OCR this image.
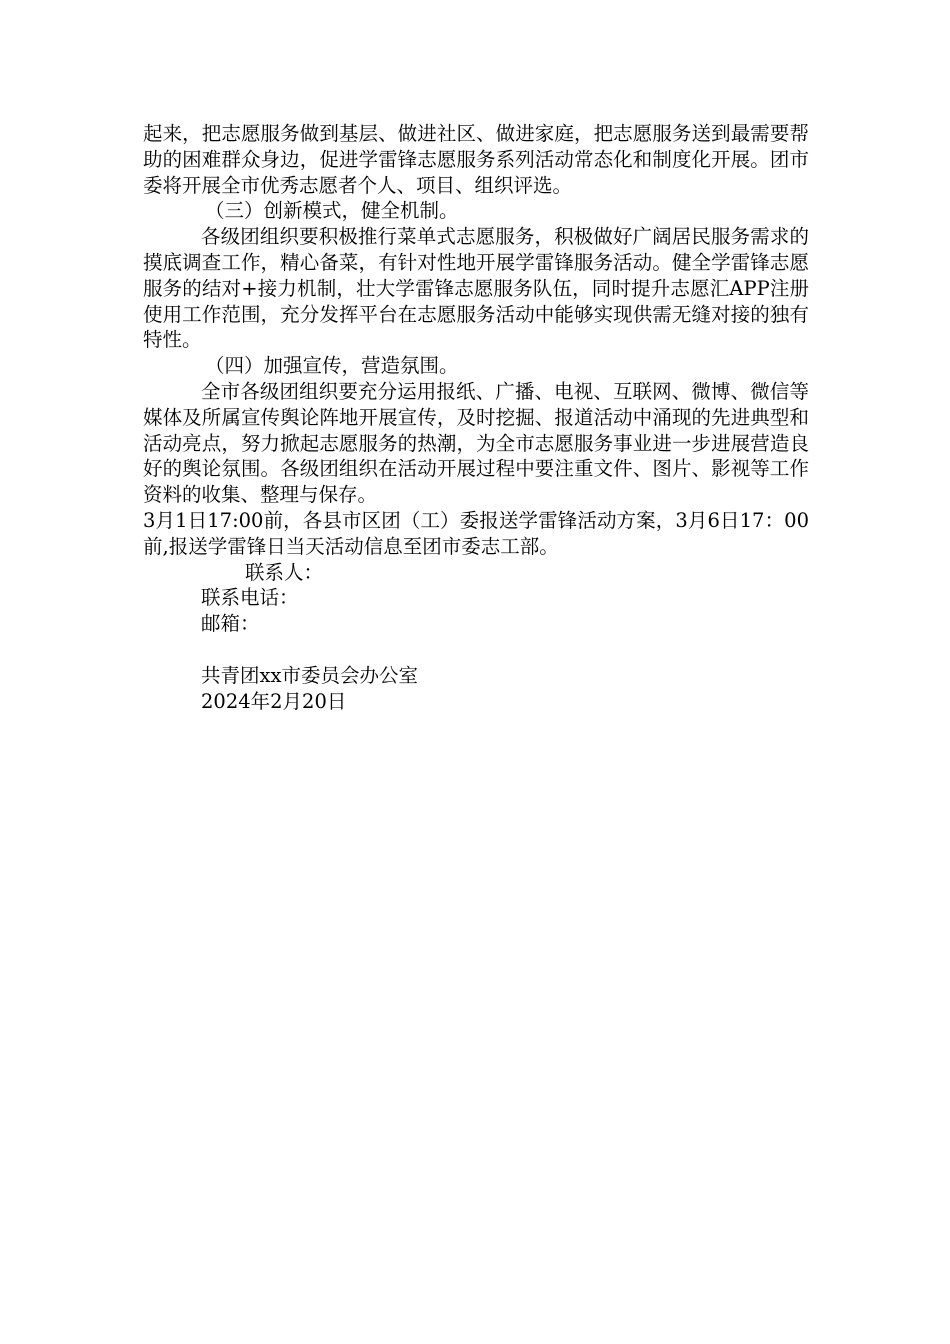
起来，把志愿服务做到基层、做进社区、做进家庭，把志愿服务送到最需要帮助的困难群众身边，促进学雷锋志愿服务系列活动常态化和制度化开展。团市委将开展全市优秀志愿者个人、项目、组织评选。

（三）创新模式，健全机制。

各级团组织要积极推行菜单式志愿服务，积极做好广阔居民服务需求的摸底调查工作，精心备菜，有针对性地开展学雷锋服务活动。健全学雷锋志愿服务的结对+接力机制，壮大学雷锋志愿服务队伍，同时提升志愿汇APP注册使用工作范围，充分发挥平台在志愿服务活动中能够实现供需无缝对接的独有特性。

（四）加强宣传，营造氛围。

全市各级团组织要充分运用报纸、广播、电视、互联网、微博、微信等媒体及所属宣传舆论阵地开展宣传，及时挖掘、报道活动中涌现的先进典型和活动亮点，努力掀起志愿服务的热潮，为全市志愿服务事业进一步进展营造良好的舆论氛围。各级团组织在活动开展过程中要注重文件、图片、影视等工作资料的收集、整理与保存。

3月1日17:00前，各县市区团（工）委报送学雷锋活动方案，3月6日17：00前,报送学雷锋日当天活动信息至团市委志工部。

联系人：

联系电话：

邮箱：

共青团xx市委员会办公室
2024年2月20日
